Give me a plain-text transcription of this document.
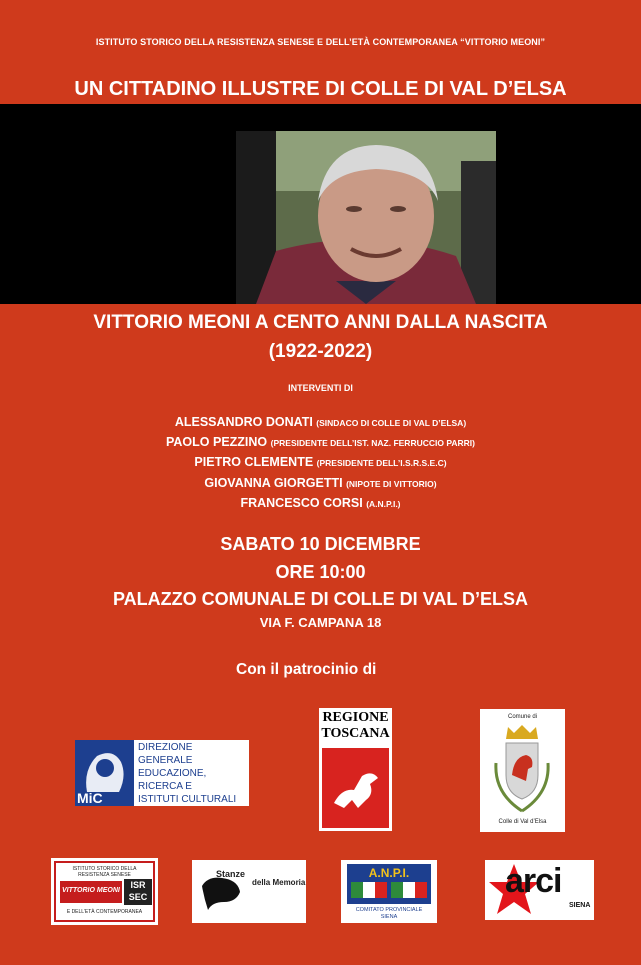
ISTITUTO STORICO DELLA RESISTENZA SENESE E DELL’ETÀ CONTEMPORANEA “VITTORIO MEONI”
UN CITTADINO ILLUSTRE DI COLLE DI VAL D’ELSA
VITTORIO MEONI A CENTO ANNI DALLA NASCITA
(1922-2022)
INTERVENTI DI
ALESSANDRO DONATI (SINDACO DI COLLE DI VAL D’ELSA)
PAOLO PEZZINO (PRESIDENTE DELL’IST. NAZ. FERRUCCIO PARRI)
PIETRO CLEMENTE (PRESIDENTE DELL’I.S.R.S.E.C)
GIOVANNA GIORGETTI (NIPOTE DI VITTORIO)
FRANCESCO CORSI (A.N.P.I.)
SABATO 10 DICEMBRE
ORE 10:00
PALAZZO COMUNALE DI COLLE DI VAL D’ELSA
VIA F. CAMPANA 18
Con il patrocinio di
MiC
DIREZIONE GENERALE
EDUCAZIONE,
RICERCA E
ISTITUTI CULTURALI
REGIONE
TOSCANA
Comune di
Colle di Val d’Elsa
ISTITUTO STORICO DELLA RESISTENZA SENESE
VITTORIO MEONI
ISR
SEC
E DELL’ETÀ CONTEMPORANEA
Stanze
della Memoria
A.N.P.I.
COMITATO PROVINCIALE
SIENA
arci
SIENA
